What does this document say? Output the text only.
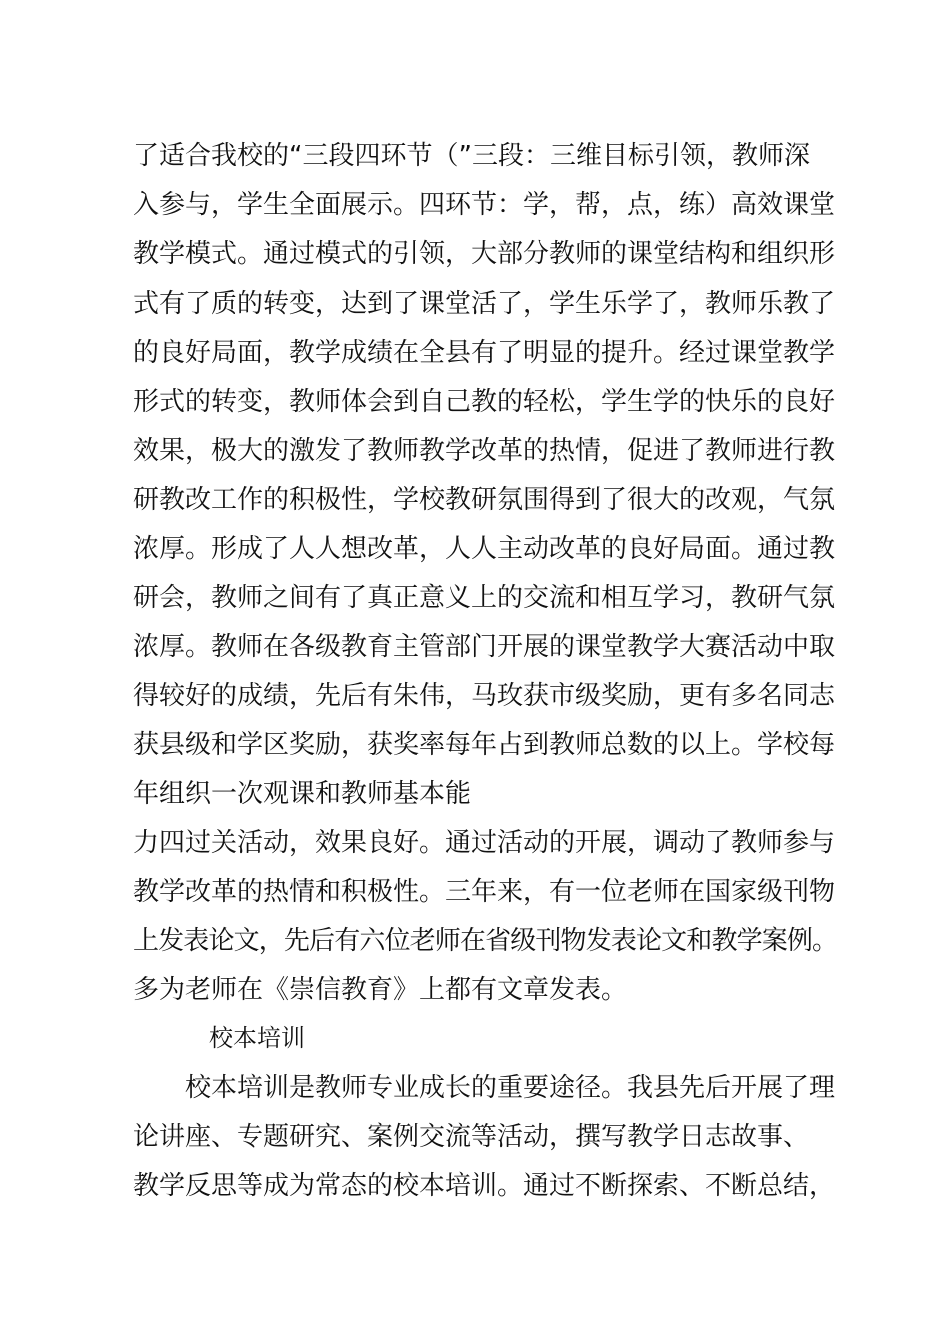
了适合我校的“三段四环节（”三段：三维目标引领，教师深
入参与，学生全面展示。四环节：学，帮，点，练）高效课堂
教学模式。通过模式的引领，大部分教师的课堂结构和组织形
式有了质的转变，达到了课堂活了，学生乐学了，教师乐教了
的良好局面，教学成绩在全县有了明显的提升。经过课堂教学
形式的转变，教师体会到自己教的轻松，学生学的快乐的良好
效果，极大的激发了教师教学改革的热情，促进了教师进行教
研教改工作的积极性，学校教研氛围得到了很大的改观，气氛
浓厚。形成了人人想改革，人人主动改革的良好局面。通过教
研会，教师之间有了真正意义上的交流和相互学习，教研气氛
浓厚。教师在各级教育主管部门开展的课堂教学大赛活动中取
得较好的成绩，先后有朱伟，马玫获市级奖励，更有多名同志
获县级和学区奖励，获奖率每年占到教师总数的以上。学校每
年组织一次观课和教师基本能
力四过关活动，效果良好。通过活动的开展，调动了教师参与
教学改革的热情和积极性。三年来，有一位老师在国家级刊物
上发表论文，先后有六位老师在省级刊物发表论文和教学案例。
多为老师在《崇信教育》上都有文章发表。
校本培训
校本培训是教师专业成长的重要途径。我县先后开展了理
论讲座、专题研究、案例交流等活动，撰写教学日志故事、
教学反思等成为常态的校本培训。通过不断探索、不断总结，
